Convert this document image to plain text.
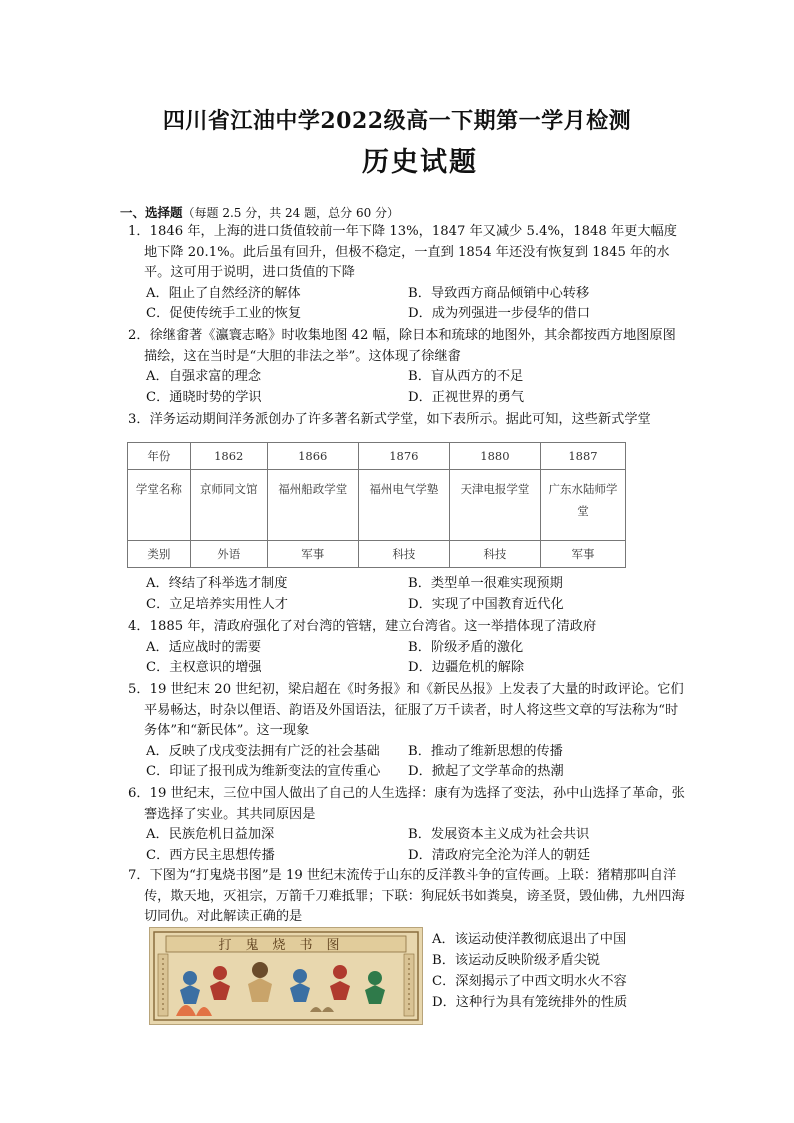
四川省江油中学2022级高一下期第一学月检测
历史试题
一、选择题（每题 2.5 分，共 24 题，总分 60 分）

1．1846 年，上海的进口货值较前一年下降 13%，1847 年又减少 5.4%，1848 年更大幅度地下降 20.1%。此后虽有回升，但极不稳定，一直到 1854 年还没有恢复到 1845 年的水平。这可用于说明，进口货值的下降

A．阻止了自然经济的解体	B．导致西方商品倾销中心转移
C．促使传统手工业的恢复	D．成为列强进一步侵华的借口

2．徐继畬著《瀛寰志略》时收集地图 42 幅，除日本和琉球的地图外，其余都按西方地图原图描绘，这在当时是“大胆的非法之举”。这体现了徐继畬

A．自强求富的理念	B．盲从西方的不足
C．通晓时势的学识	D．正视世界的勇气

3．洋务运动期间洋务派创办了许多著名新式学堂，如下表所示。据此可知，这些新式学堂

年份	1862	1866	1876	1880	1887
学堂名称	京师同文馆	福州船政学堂	福州电气学塾	天津电报学堂	广东水陆师学堂
类别	外语	军事	科技	科技	军事
A．终结了科举选才制度	B．类型单一很难实现预期
C．立足培养实用性人才	D．实现了中国教育近代化

4．1885 年，清政府强化了对台湾的管辖，建立台湾省。这一举措体现了清政府

A．适应战时的需要	B．阶级矛盾的激化
C．主权意识的增强	D．边疆危机的解除

5．19 世纪末 20 世纪初，梁启超在《时务报》和《新民丛报》上发表了大量的时政评论。它们平易畅达，时杂以俚语、韵语及外国语法，征服了万千读者，时人将这些文章的写法称为“时务体”和“新民体”。这一现象

A．反映了戊戌变法拥有广泛的社会基础	B．推动了维新思想的传播
C．印证了报刊成为维新变法的宣传重心	D．掀起了文学革命的热潮

6．19 世纪末，三位中国人做出了自己的人生选择：康有为选择了变法，孙中山选择了革命，张謇选择了实业。其共同原因是

A．民族危机日益加深	B．发展资本主义成为社会共识
C．西方民主思想传播	D．清政府完全沦为洋人的朝廷

7．下图为“打鬼烧书图”是 19 世纪末流传于山东的反洋教斗争的宣传画。上联：猪精那叫自洋传，欺天地，灭祖宗，万箭千刀难抵罪；下联：狗屁妖书如粪臭，谤圣贤，毁仙佛，九州四海切同仇。对此解读正确的是

打鬼烧书图	A．该运动使洋教彻底退出了中国
B．该运动反映阶级矛盾尖锐
C．深刻揭示了中西文明水火不容
D．这种行为具有笼统排外的性质
